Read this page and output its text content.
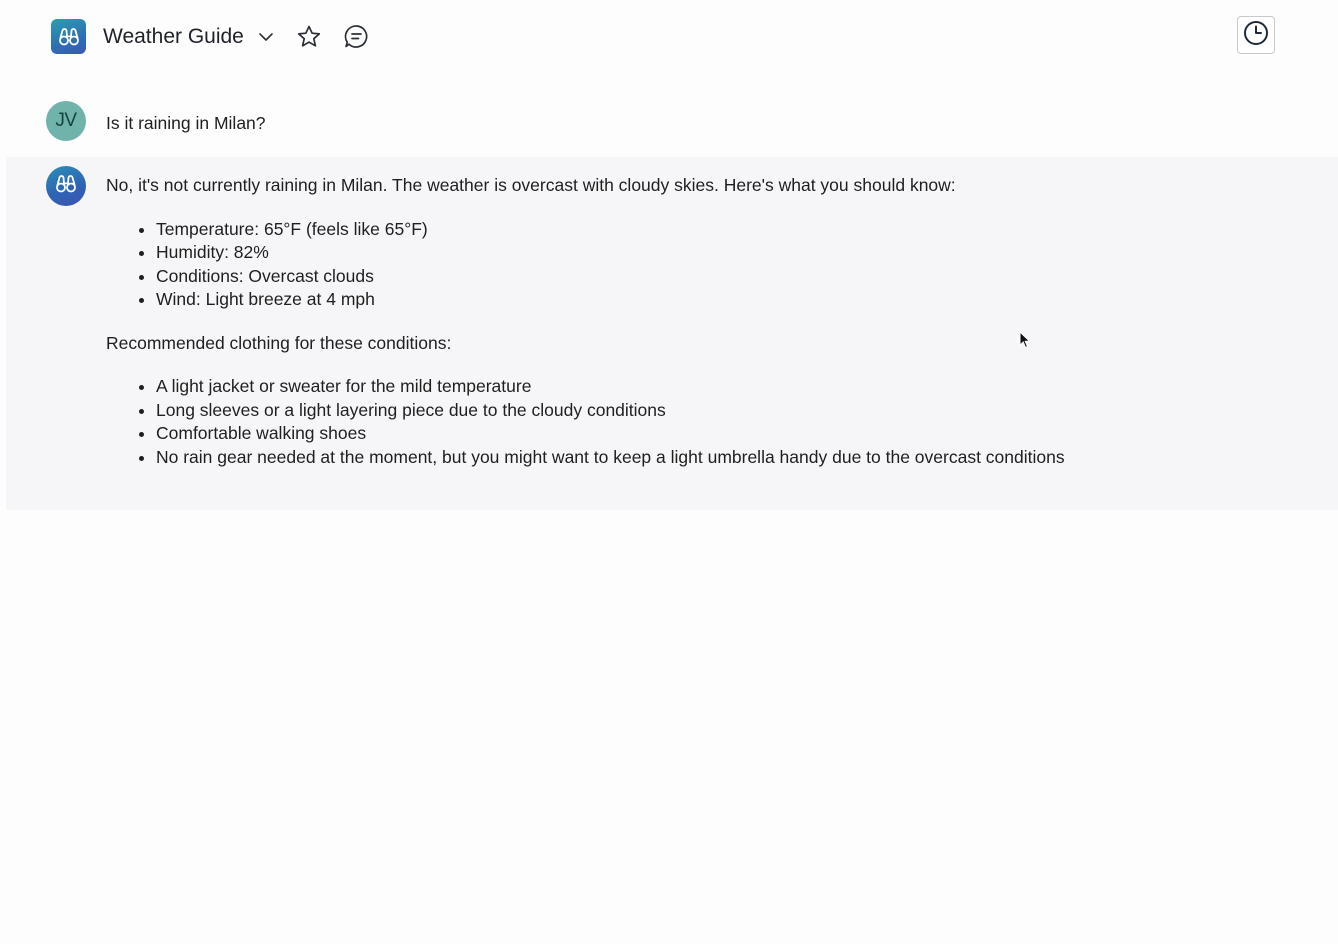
Weather Guide
JV	Is it raining in Milan?

No, it's not currently raining in Milan. The weather is overcast with cloudy skies. Here's what you should know:

• Temperature: 65°F (feels like 65°F)
• Humidity: 82%
• Conditions: Overcast clouds
• Wind: Light breeze at 4 mph

Recommended clothing for these conditions:

• A light jacket or sweater for the mild temperature
• Long sleeves or a light layering piece due to the cloudy conditions
• Comfortable walking shoes
• No rain gear needed at the moment, but you might want to keep a light umbrella handy due to the overcast conditions
